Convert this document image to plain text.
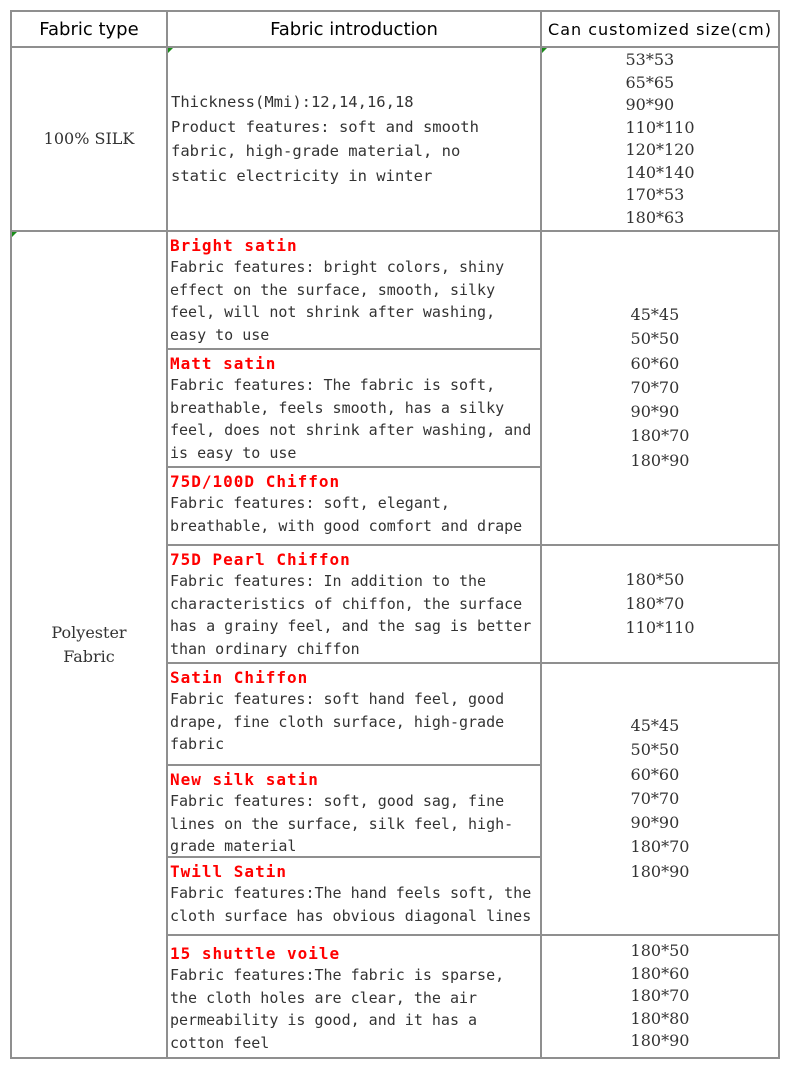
Fabric type	Fabric introduction	Can customized size(cm)
100% SILK
Thickness(Mmi):12,14,16,18
Product features: soft and smooth
fabric, high-grade material, no
static electricity in winter
53*53
65*65
90*90
110*110
120*120
140*140
170*53
180*63
Polyester
Fabric
Bright satin
Fabric features: bright colors, shiny
effect on the surface, smooth, silky
feel, will not shrink after washing,
easy to use
Matt satin
Fabric features: The fabric is soft,
breathable, feels smooth, has a silky
feel, does not shrink after washing, and
is easy to use
75D/100D Chiffon
Fabric features: soft, elegant,
breathable, with good comfort and drape
75D Pearl Chiffon
Fabric features: In addition to the
characteristics of chiffon, the surface
has a grainy feel, and the sag is better
than ordinary chiffon
Satin Chiffon
Fabric features: soft hand feel, good
drape, fine cloth surface, high-grade
fabric
New silk satin
Fabric features: soft, good sag, fine
lines on the surface, silk feel, high-
grade material
Twill Satin
Fabric features:The hand feels soft, the
cloth surface has obvious diagonal lines
15 shuttle voile
Fabric features:The fabric is sparse,
the cloth holes are clear, the air
permeability is good, and it has a
cotton feel
45*45
50*50
60*60
70*70
90*90
180*70
180*90
180*50
180*70
110*110
45*45
50*50
60*60
70*70
90*90
180*70
180*90
180*50
180*60
180*70
180*80
180*90
